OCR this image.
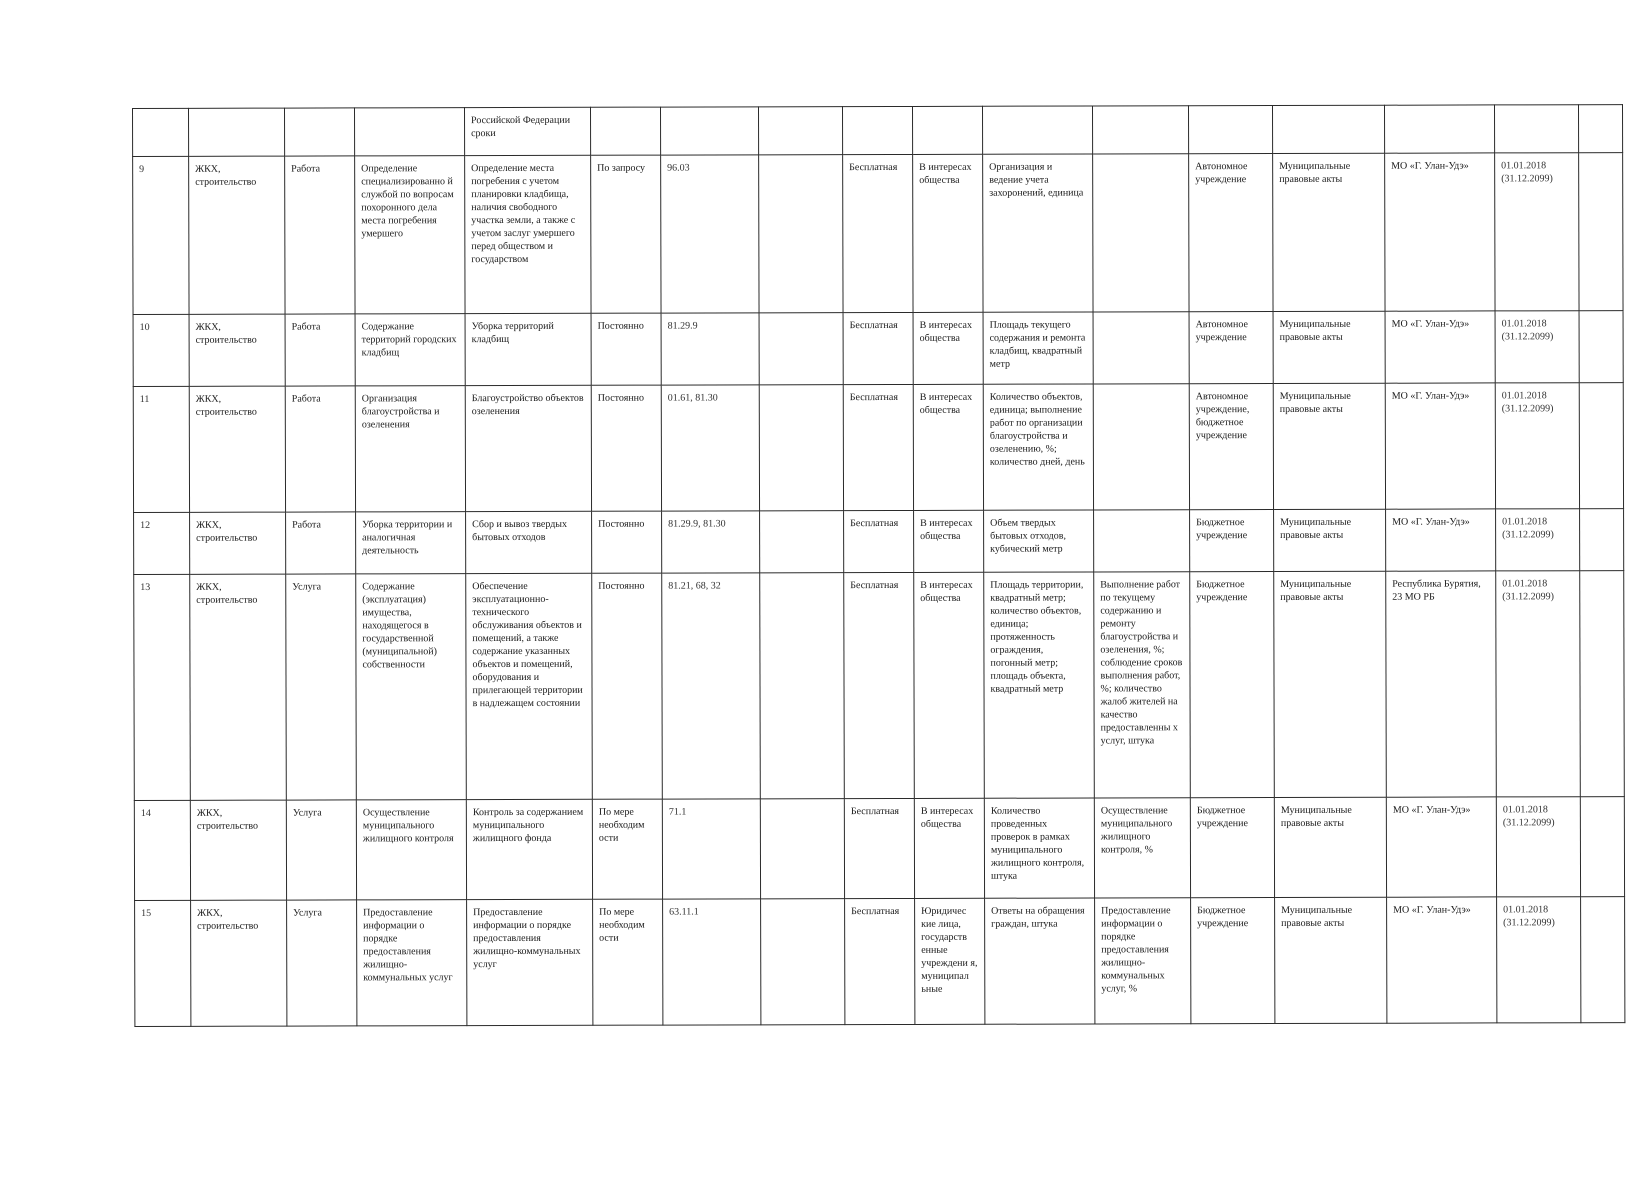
				Российской Федерации сроки												
9	ЖКХ, строительство	Работа	Определение специализированно й службой по вопросам похоронного дела места погребения умершего	Определение места погребения с учетом планировки кладбища, наличия свободного участка земли, а также с учетом заслуг умершего перед обществом и государством	По запросу	96.03		Бесплатная	В интересах общества	Организация и ведение учета захоронений, единица		Автономное учреждение	Муниципальные правовые акты	МО «Г. Улан-Удэ»	01.01.2018 (31.12.2099)	
10	ЖКХ, строительство	Работа	Содержание территорий городских кладбищ	Уборка территорий кладбищ	Постоянно	81.29.9		Бесплатная	В интересах общества	Площадь текущего содержания и ремонта кладбищ, квадратный метр		Автономное учреждение	Муниципальные правовые акты	МО «Г. Улан-Удэ»	01.01.2018 (31.12.2099)	
11	ЖКХ, строительство	Работа	Организация благоустройства и озеленения	Благоустройство объектов озеленения	Постоянно	01.61, 81.30		Бесплатная	В интересах общества	Количество объектов, единица; выполнение работ по организации благоустройства и озеленению, %; количество дней, день		Автономное учреждение, бюджетное учреждение	Муниципальные правовые акты	МО «Г. Улан-Удэ»	01.01.2018 (31.12.2099)	
12	ЖКХ, строительство	Работа	Уборка территории и аналогичная деятельность	Сбор и вывоз твердых бытовых отходов	Постоянно	81.29.9, 81.30		Бесплатная	В интересах общества	Объем твердых бытовых отходов, кубический метр		Бюджетное учреждение	Муниципальные правовые акты	МО «Г. Улан-Удэ»	01.01.2018 (31.12.2099)	
13	ЖКХ, строительство	Услуга	Содержание (эксплуатация) имущества, находящегося в государственной (муниципальной) собственности	Обеспечение эксплуатационно-технического обслуживания объектов и помещений, а также содержание указанных объектов и помещений, оборудования и прилегающей территории в надлежащем состоянии	Постоянно	81.21, 68, 32		Бесплатная	В интересах общества	Площадь территории, квадратный метр; количество объектов, единица; протяженность ограждения, погонный метр; площадь объекта, квадратный метр	Выполнение работ по текущему содержанию и ремонту благоустройства и озеленения, %; соблюдение сроков выполнения работ, %; количество жалоб жителей на качество предоставленны х услуг, штука	Бюджетное учреждение	Муниципальные правовые акты	Республика Бурятия, 23 МО РБ	01.01.2018 (31.12.2099)	
14	ЖКХ, строительство	Услуга	Осуществление муниципального жилищного контроля	Контроль за содержанием муниципального жилищного фонда	По мере необходим ости	71.1		Бесплатная	В интересах общества	Количество проведенных проверок в рамках муниципального жилищного контроля, штука	Осуществление муниципального жилищного контроля, %	Бюджетное учреждение	Муниципальные правовые акты	МО «Г. Улан-Удэ»	01.01.2018 (31.12.2099)	
15	ЖКХ, строительство	Услуга	Предоставление информации о порядке предоставления жилищно-коммунальных услуг	Предоставление информации о порядке предоставления жилищно-коммунальных услуг	По мере необходим ости	63.11.1		Бесплатная	Юридичес кие лица, государств енные учреждени я, муниципал ьные	Ответы на обращения граждан, штука	Предоставление информации о порядке предоставления жилищно-коммунальных услуг, %	Бюджетное учреждение	Муниципальные правовые акты	МО «Г. Улан-Удэ»	01.01.2018 (31.12.2099)	
